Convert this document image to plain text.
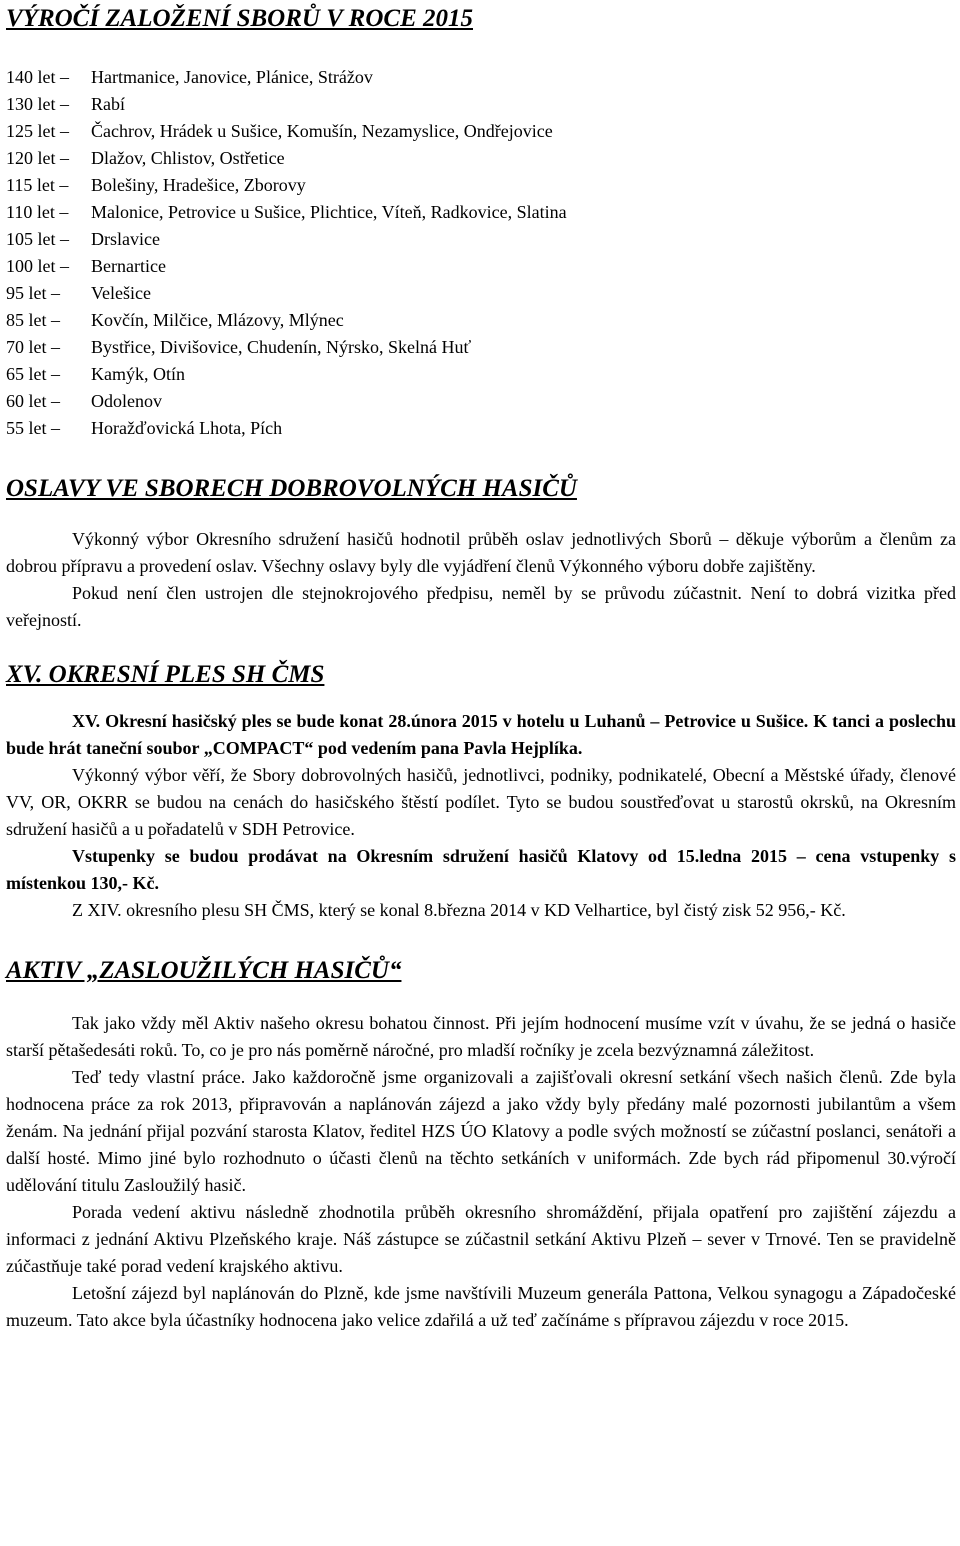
VÝROČÍ ZALOŽENÍ SBORŮ V ROCE 2015
140 let – Hartmanice, Janovice, Plánice, Strážov
130 let – Rabí
125 let – Čachrov, Hrádek u Sušice, Komušín, Nezamyslice, Ondřejovice
120 let – Dlažov, Chlistov, Ostřetice
115 let – Bolešiny, Hradešice, Zborovy
110 let – Malonice, Petrovice u Sušice, Plichtice, Víteň, Radkovice, Slatina
105 let – Drslavice
100 let – Bernartice
95 let – Velešice
85 let – Kovčín, Milčice, Mlázovy, Mlýnec
70 let – Bystřice, Divišovice, Chudenín, Nýrsko, Skelná Huť
65 let – Kamýk, Otín
60 let – Odolenov
55 let – Horažďovická Lhota, Pích
OSLAVY VE SBORECH DOBROVOLNÝCH HASIČŮ

Výkonný výbor Okresního sdružení hasičů hodnotil průběh oslav jednotlivých Sborů – děkuje výborům a členům za dobrou přípravu a provedení oslav. Všechny oslavy byly dle vyjádření členů Výkonného výboru dobře zajištěny.

Pokud není člen ustrojen dle stejnokrojového předpisu, neměl by se průvodu zúčastnit. Není to dobrá vizitka před veřejností.

XV. OKRESNÍ PLES SH ČMS

XV. Okresní hasičský ples se bude konat 28.února 2015 v hotelu u Luhanů – Petrovice u Sušice. K tanci a poslechu bude hrát taneční soubor „COMPACT“ pod vedením pana Pavla Hejplíka.

Výkonný výbor věří, že Sbory dobrovolných hasičů, jednotlivci, podniky, podnikatelé, Obecní a Městské úřady, členové VV, OR, OKRR se budou na cenách do hasičského štěstí podílet. Tyto se budou soustřeďovat u starostů okrsků, na Okresním sdružení hasičů a u pořadatelů v SDH Petrovice.

Vstupenky se budou prodávat na Okresním sdružení hasičů Klatovy od 15.ledna 2015 – cena vstupenky s místenkou 130,- Kč.

Z XIV. okresního plesu SH ČMS, který se konal 8.března 2014 v KD Velhartice, byl čistý zisk 52 956,- Kč.

AKTIV „ZASLOUŽILÝCH HASIČŮ“

Tak jako vždy měl Aktiv našeho okresu bohatou činnost. Při jejím hodnocení musíme vzít v úvahu, že se jedná o hasiče starší pětašedesáti roků. To, co je pro nás poměrně náročné, pro mladší ročníky je zcela bezvýznamná záležitost.

Teď tedy vlastní práce. Jako každoročně jsme organizovali a zajišťovali okresní setkání všech našich členů. Zde byla hodnocena práce za rok 2013, připravován a naplánován zájezd a jako vždy byly předány malé pozornosti jubilantům a všem ženám. Na jednání přijal pozvání starosta Klatov, ředitel HZS ÚO Klatovy a podle svých možností se zúčastní poslanci, senátoři a další hosté. Mimo jiné bylo rozhodnuto o účasti členů na těchto setkáních v uniformách. Zde bych rád připomenul 30.výročí udělování titulu Zasloužilý hasič.

Porada vedení aktivu následně zhodnotila průběh okresního shromáždění, přijala opatření pro zajištění zájezdu a informaci z jednání Aktivu Plzeňského kraje. Náš zástupce se zúčastnil setkání Aktivu Plzeň – sever v Trnové. Ten se pravidelně zúčastňuje také porad vedení krajského aktivu.

Letošní zájezd byl naplánován do Plzně, kde jsme navštívili Muzeum generála Pattona, Velkou synagogu a Západočeské muzeum. Tato akce byla účastníky hodnocena jako velice zdařilá a už teď začínáme s přípravou zájezdu v roce 2015.
